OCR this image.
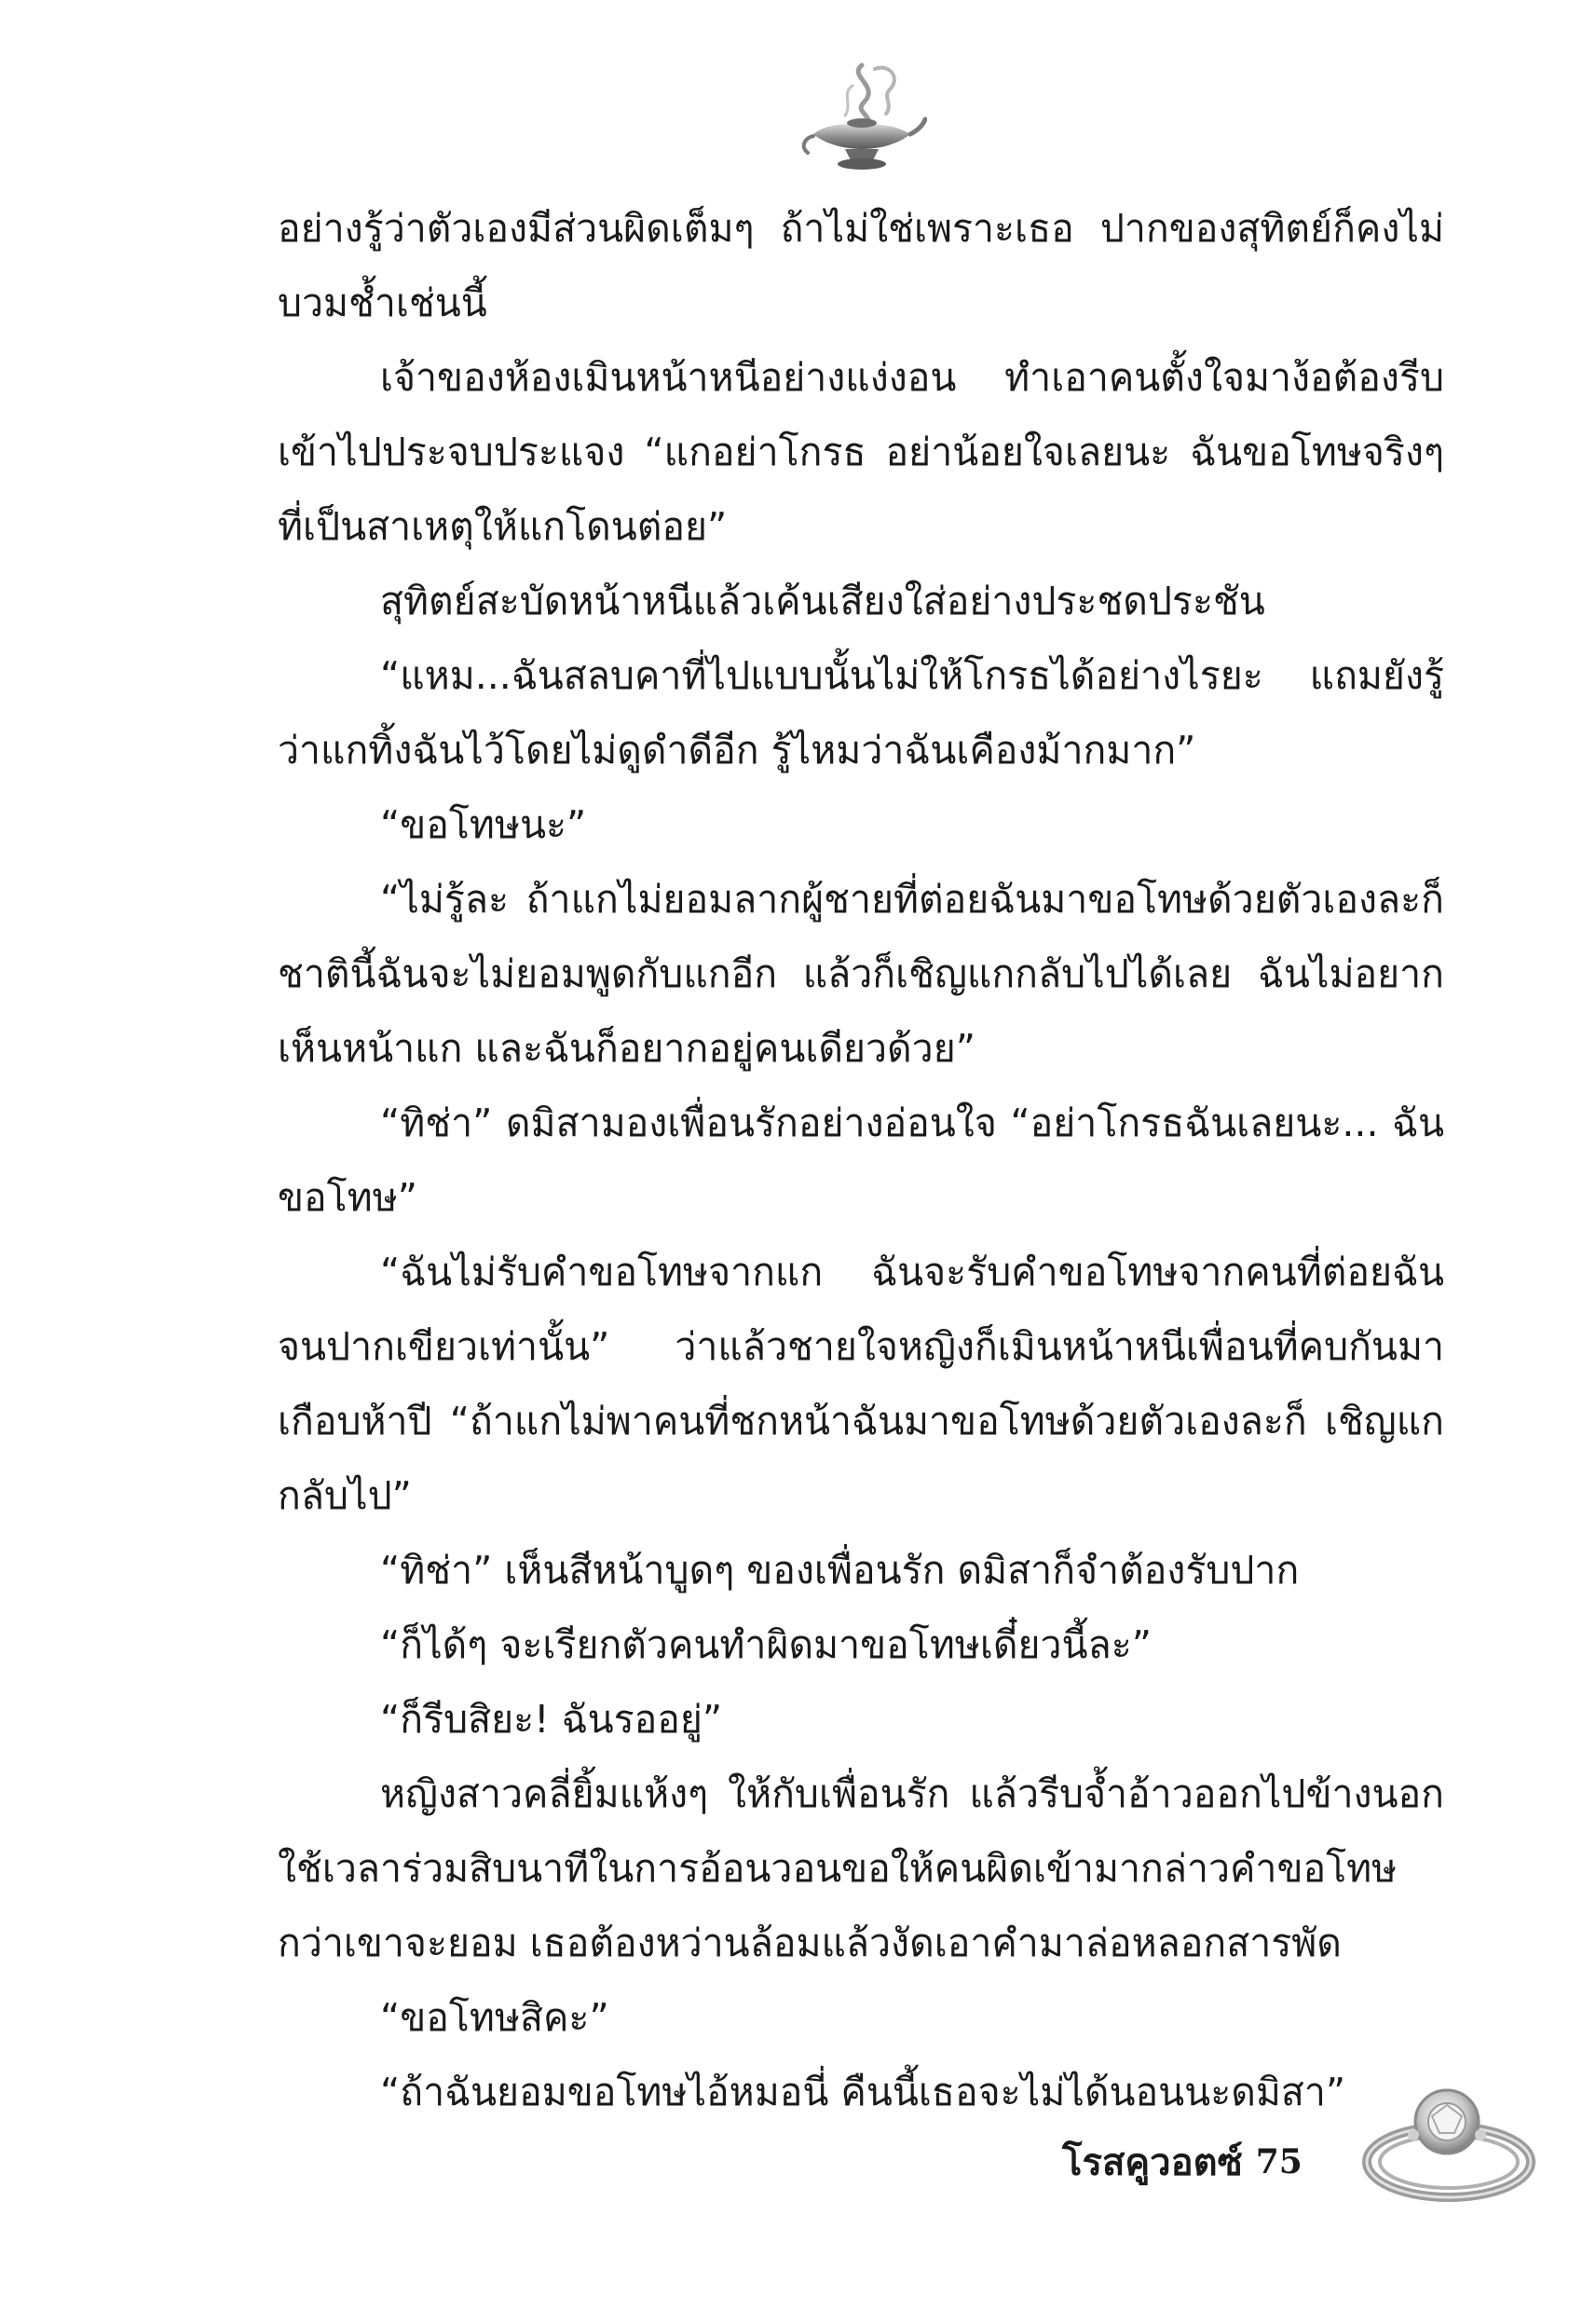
อย่างรู้ว่าตัวเองมีส่วนผิดเต็มๆ ถ้าไม่ใช่เพราะเธอ ปากของสุทิตย์ก็คงไม่บวมช้ำเช่นนี้

เจ้าของห้องเมินหน้าหนีอย่างแง่งอน ทำเอาคนตั้งใจมาง้อต้องรีบเข้าไปประจบประแจง “แกอย่าโกรธ อย่าน้อยใจเลยนะ ฉันขอโทษจริงๆ ที่เป็นสาเหตุให้แกโดนต่อย”

สุทิตย์สะบัดหน้าหนีแล้วเค้นเสียงใส่อย่างประชดประชัน

“แหม...ฉันสลบคาที่ไปแบบนั้นไม่ให้โกรธได้อย่างไรยะ แถมยังรู้ว่าแกทิ้งฉันไว้โดยไม่ดูดำดีอีก รู้ไหมว่าฉันเคืองม้ากมาก”

“ขอโทษนะ”

“ไม่รู้ละ ถ้าแกไม่ยอมลากผู้ชายที่ต่อยฉันมาขอโทษด้วยตัวเองละก็ ชาตินี้ฉันจะไม่ยอมพูดกับแกอีก แล้วก็เชิญแกกลับไปได้เลย ฉันไม่อยากเห็นหน้าแก และฉันก็อยากอยู่คนเดียวด้วย”

“ทิช่า” ดมิสามองเพื่อนรักอย่างอ่อนใจ “อย่าโกรธฉันเลยนะ... ฉันขอโทษ”

“ฉันไม่รับคำขอโทษจากแก ฉันจะรับคำขอโทษจากคนที่ต่อยฉันจนปากเขียวเท่านั้น” ว่าแล้วชายใจหญิงก็เมินหน้าหนีเพื่อนที่คบกันมาเกือบห้าปี “ถ้าแกไม่พาคนที่ชกหน้าฉันมาขอโทษด้วยตัวเองละก็ เชิญแกกลับไป”

“ทิช่า” เห็นสีหน้าบูดๆ ของเพื่อนรัก ดมิสาก็จำต้องรับปาก

“ก็ได้ๆ จะเรียกตัวคนทำผิดมาขอโทษเดี๋ยวนี้ละ”

“ก็รีบสิยะ! ฉันรออยู่”

หญิงสาวคลี่ยิ้มแห้งๆ ให้กับเพื่อนรัก แล้วรีบจ้ำอ้าวออกไปข้างนอกใช้เวลาร่วมสิบนาทีในการอ้อนวอนขอให้คนผิดเข้ามากล่าวคำขอโทษ กว่าเขาจะยอม เธอต้องหว่านล้อมแล้วงัดเอาคำมาล่อหลอกสารพัด

“ขอโทษสิคะ”

“ถ้าฉันยอมขอโทษไอ้หมอนี่ คืนนี้เธอจะไม่ได้นอนนะดมิสา”

โรสคูวอตซ์ 75
